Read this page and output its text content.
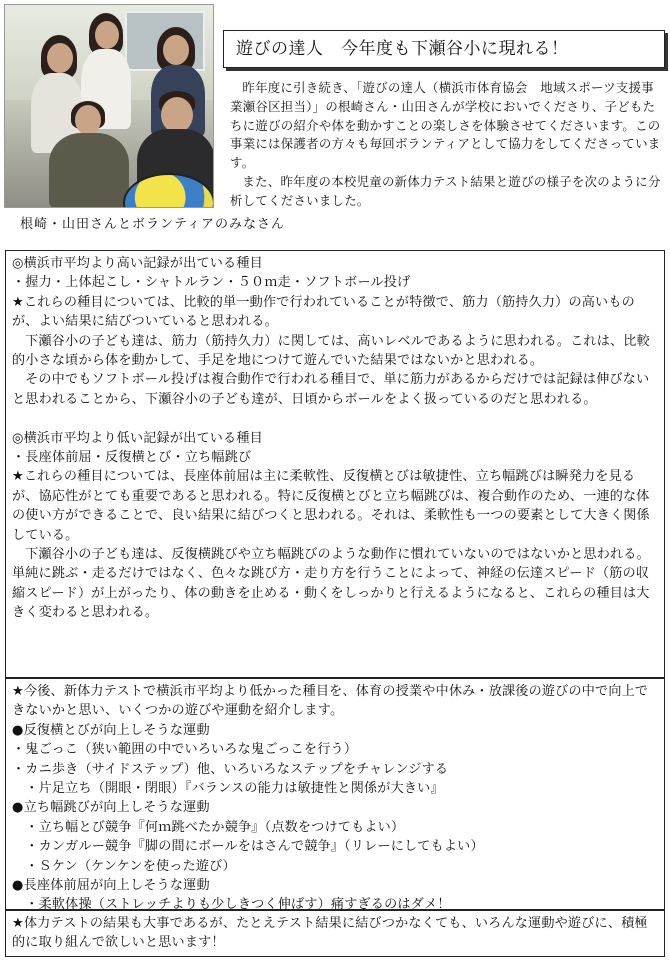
根崎・山田さんとボランティアのみなさん
遊びの達人　今年度も下瀬谷小に現れる！

昨年度に引き続き、「遊びの達人（横浜市体育協会　地域スポーツ支援事業瀬谷区担当）」の根崎さん・山田さんが学校においでくださり、子どもたちに遊びの紹介や体を動かすことの楽しさを体験させてくださいます。この事業には保護者の方々も毎回ボランティアとして協力をしてくださっています。

また、昨年度の本校児童の新体力テスト結果と遊びの様子を次のように分析してくださいました。

◎横浜市平均より高い記録が出ている種目

・握力・上体起こし・シャトルラン・５０ｍ走・ソフトボール投げ

★これらの種目については、比較的単一動作で行われていることが特徴で、筋力（筋持久力）の高いものが、よい結果に結びついていると思われる。

下瀬谷小の子ども達は、筋力（筋持久力）に関しては、高いレベルであるように思われる。これは、比較的小さな頃から体を動かして、手足を地につけて遊んでいた結果ではないかと思われる。

その中でもソフトボール投げは複合動作で行われる種目で、単に筋力があるからだけでは記録は伸びないと思われることから、下瀬谷小の子ども達が、日頃からボールをよく扱っているのだと思われる。

◎横浜市平均より低い記録が出ている種目

・長座体前屈・反復横とび・立ち幅跳び

★これらの種目については、長座体前屈は主に柔軟性、反復横とびは敏捷性、立ち幅跳びは瞬発力を見るが、協応性がとても重要であると思われる。特に反復横とびと立ち幅跳びは、複合動作のため、一連的な体の使い方ができることで、良い結果に結びつくと思われる。それは、柔軟性も一つの要素として大きく関係している。

下瀬谷小の子ども達は、反復横跳びや立ち幅跳びのような動作に慣れていないのではないかと思われる。単純に跳ぶ・走るだけではなく、色々な跳び方・走り方を行うことによって、神経の伝達スピード（筋の収縮スピード）が上がったり、体の動きを止める・動くをしっかりと行えるようになると、これらの種目は大きく変わると思われる。

★今後、新体力テストで横浜市平均より低かった種目を、体育の授業や中休み・放課後の遊びの中で向上できないかと思い、いくつかの遊びや運動を紹介します。

●反復横とびが向上しそうな運動

・鬼ごっこ（狭い範囲の中でいろいろな鬼ごっこを行う）

・カニ歩き（サイドステップ）他、いろいろなステップをチャレンジする

　・片足立ち（開眼・閉眼）『バランスの能力は敏捷性と関係が大きい』

●立ち幅跳びが向上しそうな運動

　・立ち幅とび競争『何ｍ跳べたか競争』（点数をつけてもよい）

　・カンガルー競争『脚の間にボールをはさんで競争』（リレーにしてもよい）

　・Ｓケン（ケンケンを使った遊び）

●長座体前屈が向上しそうな運動

　・柔軟体操（ストレッチよりも少しきつく伸ばす）痛すぎるのはダメ！

★体力テストの結果も大事であるが、たとえテスト結果に結びつかなくても、いろんな運動や遊びに、積極的に取り組んで欲しいと思います！
